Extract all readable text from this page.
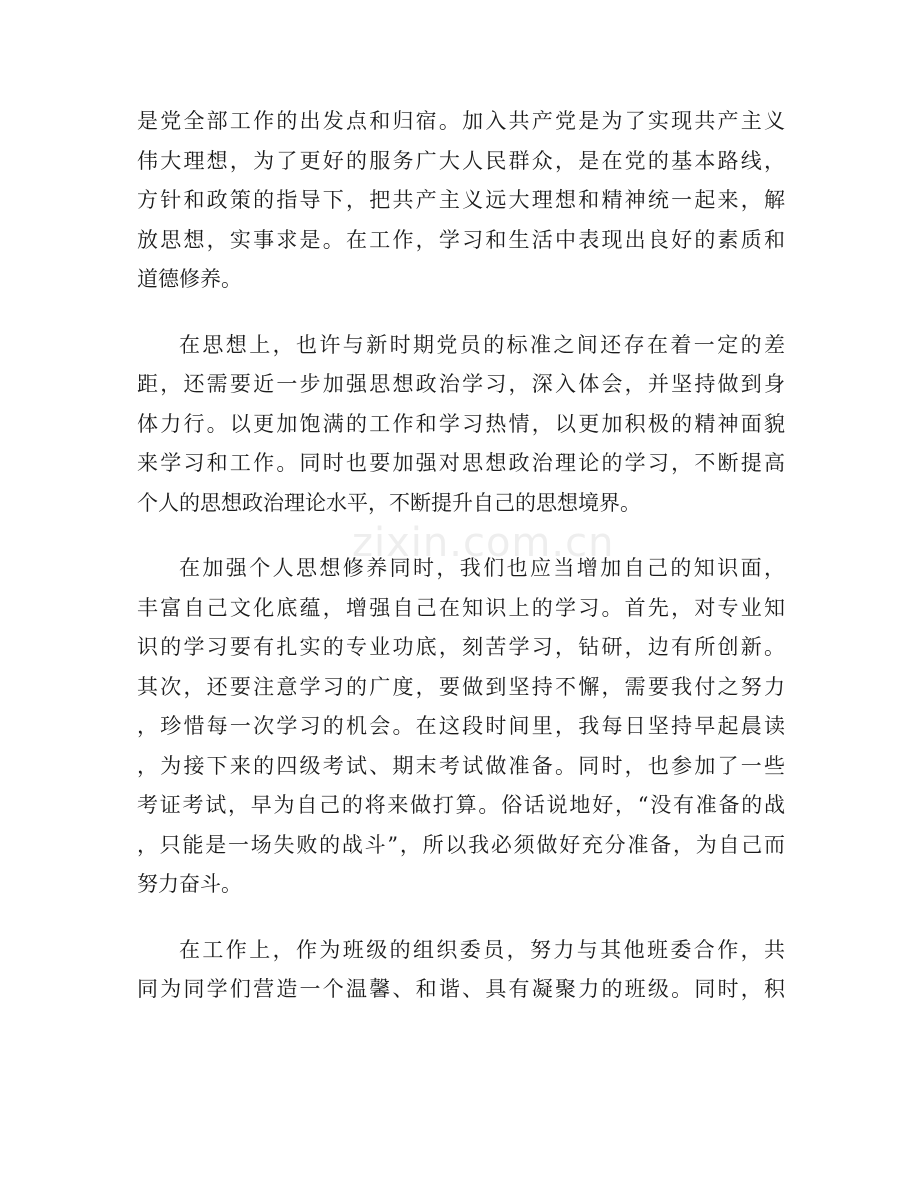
zixin.com.cn
是党全部工作的出发点和归宿。加入共产党是为了实现共产主义
伟大理想，为了更好的服务广大人民群众，是在党的基本路线，
方针和政策的指导下，把共产主义远大理想和精神统一起来，解
放思想，实事求是。在工作，学习和生活中表现出良好的素质和
道德修养。
在思想上，也许与新时期党员的标准之间还存在着一定的差
距，还需要近一步加强思想政治学习，深入体会，并坚持做到身
体力行。以更加饱满的工作和学习热情，以更加积极的精神面貌
来学习和工作。同时也要加强对思想政治理论的学习，不断提高
个人的思想政治理论水平，不断提升自己的思想境界。
在加强个人思想修养同时，我们也应当增加自己的知识面，
丰富自己文化底蕴，增强自己在知识上的学习。首先，对专业知
识的学习要有扎实的专业功底，刻苦学习，钻研，边有所创新。
其次，还要注意学习的广度，要做到坚持不懈，需要我付之努力
，珍惜每一次学习的机会。在这段时间里，我每日坚持早起晨读
，为接下来的四级考试、期末考试做准备。同时，也参加了一些
考证考试，早为自己的将来做打算。俗话说地好，“没有准备的战
，只能是一场失败的战斗”，所以我必须做好充分准备，为自己而
努力奋斗。
在工作上，作为班级的组织委员，努力与其他班委合作，共
同为同学们营造一个温馨、和谐、具有凝聚力的班级。同时，积
